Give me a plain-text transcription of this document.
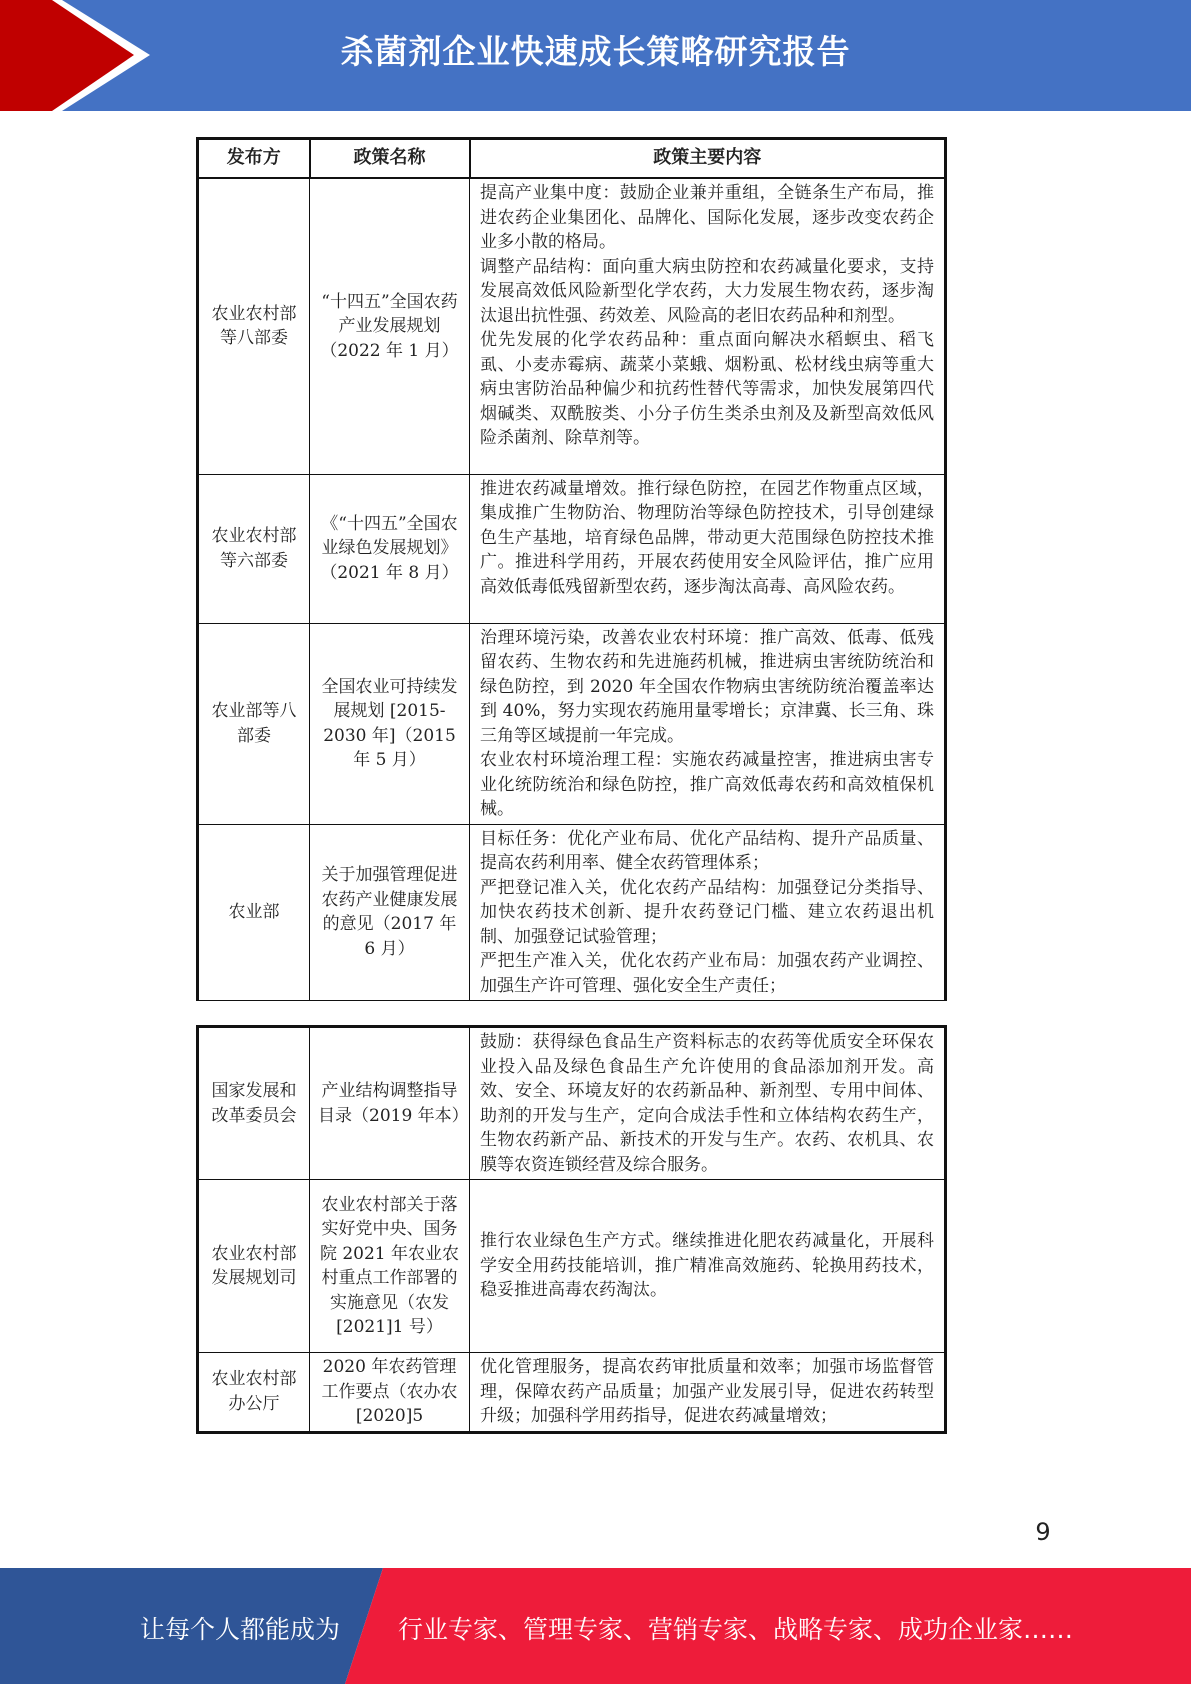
杀菌剂企业快速成长策略研究报告
发布方	政策名称	政策主要内容
农业农村部等八部委	“十四五”全国农药产业发展规划（2022 年 1 月）	提高产业集中度：鼓励企业兼并重组，全链条生产布局，推进农药企业集团化、品牌化、国际化发展，逐步改变农药企业多小散的格局。
调整产品结构：面向重大病虫防控和农药减量化要求，支持发展高效低风险新型化学农药，大力发展生物农药，逐步淘汰退出抗性强、药效差、风险高的老旧农药品种和剂型。
优先发展的化学农药品种：重点面向解决水稻螟虫、稻飞虱、小麦赤霉病、蔬菜小菜蛾、烟粉虱、松材线虫病等重大病虫害防治品种偏少和抗药性替代等需求，加快发展第四代烟碱类、双酰胺类、小分子仿生类杀虫剂及及新型高效低风险杀菌剂、除草剂等。
农业农村部等六部委	《“十四五”全国农业绿色发展规划》（2021 年 8 月）	推进农药减量增效。推行绿色防控，在园艺作物重点区域，集成推广生物防治、物理防治等绿色防控技术，引导创建绿色生产基地，培育绿色品牌，带动更大范围绿色防控技术推广。推进科学用药，开展农药使用安全风险评估，推广应用高效低毒低残留新型农药，逐步淘汰高毒、高风险农药。
农业部等八部委	全国农业可持续发展规划 [2015-2030 年]（2015 年 5 月）	治理环境污染，改善农业农村环境：推广高效、低毒、低残留农药、生物农药和先进施药机械，推进病虫害统防统治和绿色防控，到 2020 年全国农作物病虫害统防统治覆盖率达到 40%，努力实现农药施用量零增长；京津冀、长三角、珠三角等区域提前一年完成。
农业农村环境治理工程：实施农药减量控害，推进病虫害专业化统防统治和绿色防控，推广高效低毒农药和高效植保机械。
农业部	关于加强管理促进农药产业健康发展的意见（2017 年 6 月）	目标任务：优化产业布局、优化产品结构、提升产品质量、提高农药利用率、健全农药管理体系；
严把登记准入关，优化农药产品结构：加强登记分类指导、加快农药技术创新、提升农药登记门槛、建立农药退出机制、加强登记试验管理；
严把生产准入关，优化农药产业布局：加强农药产业调控、加强生产许可管理、强化安全生产责任；
国家发展和改革委员会	产业结构调整指导目录（2019 年本）	鼓励：获得绿色食品生产资料标志的农药等优质安全环保农业投入品及绿色食品生产允许使用的食品添加剂开发。高效、安全、环境友好的农药新品种、新剂型、专用中间体、助剂的开发与生产，定向合成法手性和立体结构农药生产，生物农药新产品、新技术的开发与生产。农药、农机具、农膜等农资连锁经营及综合服务。
农业农村部发展规划司	农业农村部关于落实好党中央、国务院 2021 年农业农村重点工作部署的实施意见（农发[2021]1 号）	推行农业绿色生产方式。继续推进化肥农药减量化，开展科学安全用药技能培训，推广精准高效施药、轮换用药技术，稳妥推进高毒农药淘汰。
农业农村部办公厅	2020 年农药管理工作要点（农办农[2020]5	优化管理服务，提高农药审批质量和效率；加强市场监督管理，保障农药产品质量；加强产业发展引导，促进农药转型升级；加强科学用药指导，促进农药减量增效；
9
让每个人都能成为 行业专家、管理专家、营销专家、战略专家、成功企业家……
